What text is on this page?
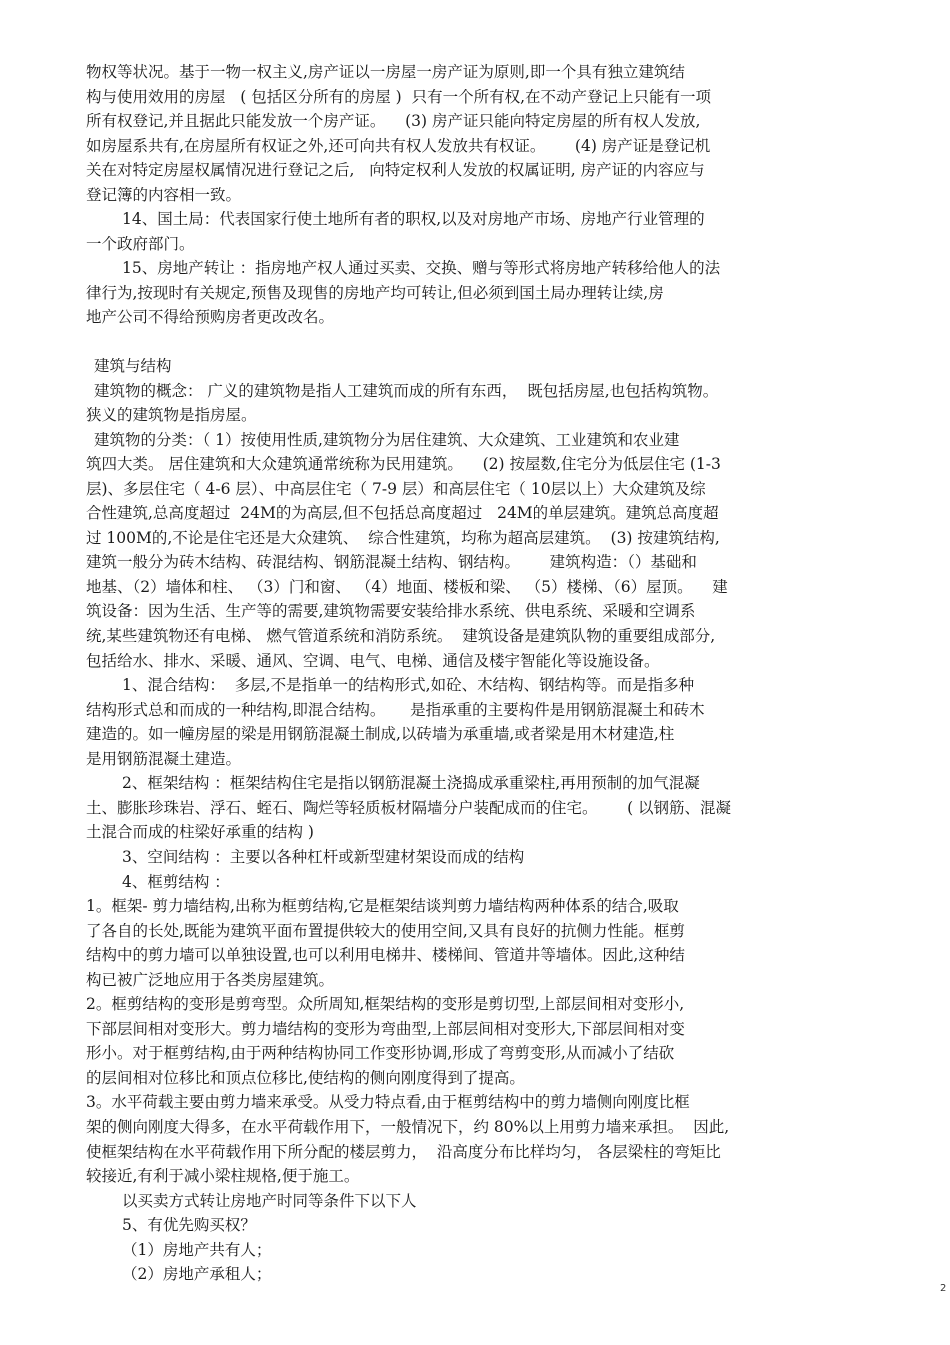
物权等状况。基于一物一权主义,房产证以一房屋一房产证为原则,即一个具有独立建筑结
构与使用效用的房屋   ( 包括区分所有的房屋 )  只有一个所有权,在不动产登记上只能有一项
所有权登记,并且据此只能发放一个房产证。    (3) 房产证只能向特定房屋的所有权人发放,
如房屋系共有,在房屋所有权证之外,还可向共有权人发放共有权证。      (4) 房产证是登记机
关在对特定房屋权属情况进行登记之后,   向特定权利人发放的权属证明, 房产证的内容应与
登记簿的内容相一致。
14、国土局：代表国家行使土地所有者的职权,以及对房地产市场、房地产行业管理的
一个政府部门。
15、房地产转让 ：指房地产权人通过买卖、交换、赠与等形式将房地产转移给他人的法
律行为,按现时有关规定,预售及现售的房地产均可转让,但必须到国土局办理转让续,房
地产公司不得给预购房者更改改名。
建筑与结构
建筑物的概念： 广义的建筑物是指人工建筑而成的所有东西，  既包括房屋,也包括构筑物。
狭义的建筑物是指房屋。
建筑物的分类：（ 1）按使用性质,建筑物分为居住建筑、大众建筑、工业建筑和农业建
筑四大类。 居住建筑和大众建筑通常统称为民用建筑。    (2) 按屋数,住宅分为低层住宅 (1-3
层)、多层住宅（ 4-6 层）、中高层住宅（ 7-9 层）和高层住宅（ 10层以上）大众建筑及综
合性建筑,总高度超过  24M的为高层,但不包括总高度超过   24M的单层建筑。建筑总高度超
过 100M的,不论是住宅还是大众建筑、  综合性建筑，均称为超高层建筑。  (3) 按建筑结构,
建筑一般分为砖木结构、砖混结构、钢筋混凝土结构、钢结构。      建筑构造：（）基础和
地基、（2）墙体和柱、 （3）门和窗、 （4）地面、楼板和梁、 （5）楼梯、（6）屋顶。    建
筑设备：因为生活、生产等的需要,建筑物需要安装给排水系统、供电系统、采暖和空调系
统,某些建筑物还有电梯、 燃气管道系统和消防系统。  建筑设备是建筑队物的重要组成部分,
包括给水、排水、采暖、通风、空调、电气、电梯、通信及楼宇智能化等设施设备。
1、混合结构：  多层,不是指单一的结构形式,如砼、木结构、钢结构等。而是指多种
结构形式总和而成的一种结构,即混合结构。     是指承重的主要构件是用钢筋混凝土和砖木
建造的。如一幢房屋的梁是用钢筋混凝土制成,以砖墙为承重墙,或者梁是用木材建造,柱
是用钢筋混凝土建造。
2、框架结构 ：框架结构住宅是指以钢筋混凝土浇捣成承重梁柱,再用预制的加气混凝
土、膨胀珍珠岩、浮石、蛭石、陶烂等轻质板材隔墙分户装配成而的住宅。      ( 以钢筋、混凝
土混合而成的柱梁好承重的结构 )
3、空间结构 ：主要以各种杠杆或新型建材架设而成的结构
4、框剪结构 ：
1。框架- 剪力墙结构,出称为框剪结构,它是框架结谈判剪力墙结构两种体系的结合,吸取
了各自的长处,既能为建筑平面布置提供较大的使用空间,又具有良好的抗侧力性能。框剪
结构中的剪力墙可以单独设置,也可以利用电梯井、楼梯间、管道井等墙体。因此,这种结
构已被广泛地应用于各类房屋建筑。
2。框剪结构的变形是剪弯型。众所周知,框架结构的变形是剪切型,上部层间相对变形小,
下部层间相对变形大。剪力墙结构的变形为弯曲型,上部层间相对变形大,下部层间相对变
形小。对于框剪结构,由于两种结构协同工作变形协调,形成了弯剪变形,从而减小了结砍
的层间相对位移比和顶点位移比,使结构的侧向刚度得到了提高。
3。水平荷载主要由剪力墙来承受。从受力特点看,由于框剪结构中的剪力墙侧向刚度比框
架的侧向刚度大得多，在水平荷载作用下，一般情况下，约 80%以上用剪力墙来承担。  因此,
使框架结构在水平荷载作用下所分配的楼层剪力，  沿高度分布比样均匀， 各层梁柱的弯矩比
较接近,有利于减小梁柱规格,便于施工。
以买卖方式转让房地产时同等条件下以下人
5、有优先购买权？
（1）房地产共有人；
（2）房地产承租人；
2
